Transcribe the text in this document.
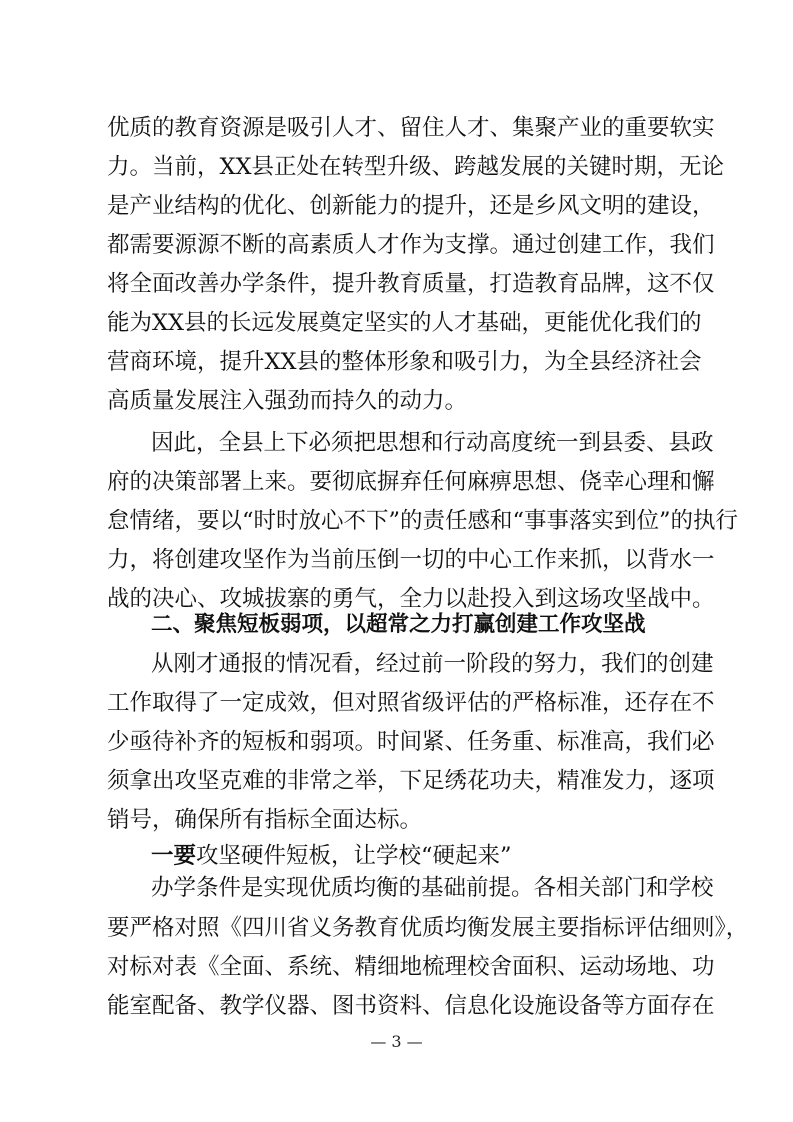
优质的教育资源是吸引人才、留住人才、集聚产业的重要软实
力。当前，XX县正处在转型升级、跨越发展的关键时期，无论
是产业结构的优化、创新能力的提升，还是乡风文明的建设，
都需要源源不断的高素质人才作为支撑。通过创建工作，我们
将全面改善办学条件，提升教育质量，打造教育品牌，这不仅
能为XX县的长远发展奠定坚实的人才基础，更能优化我们的
营商环境，提升XX县的整体形象和吸引力，为全县经济社会
高质量发展注入强劲而持久的动力。
因此，全县上下必须把思想和行动高度统一到县委、县政
府的决策部署上来。要彻底摒弃任何麻痹思想、侥幸心理和懈
怠情绪，要以“时时放心不下”的责任感和“事事落实到位”的执行
力，将创建攻坚作为当前压倒一切的中心工作来抓，以背水一
战的决心、攻城拔寨的勇气，全力以赴投入到这场攻坚战中。
二、聚焦短板弱项，以超常之力打赢创建工作攻坚战
从刚才通报的情况看，经过前一阶段的努力，我们的创建
工作取得了一定成效，但对照省级评估的严格标准，还存在不
少亟待补齐的短板和弱项。时间紧、任务重、标准高，我们必
须拿出攻坚克难的非常之举，下足绣花功夫，精准发力，逐项
销号，确保所有指标全面达标。
一要攻坚硬件短板，让学校“硬起来”
办学条件是实现优质均衡的基础前提。各相关部门和学校
要严格对照《四川省义务教育优质均衡发展主要指标评估细则》，
对标对表《全面、系统、精细地梳理校舍面积、运动场地、功
能室配备、教学仪器、图书资料、信息化设施设备等方面存在
— 3 —
